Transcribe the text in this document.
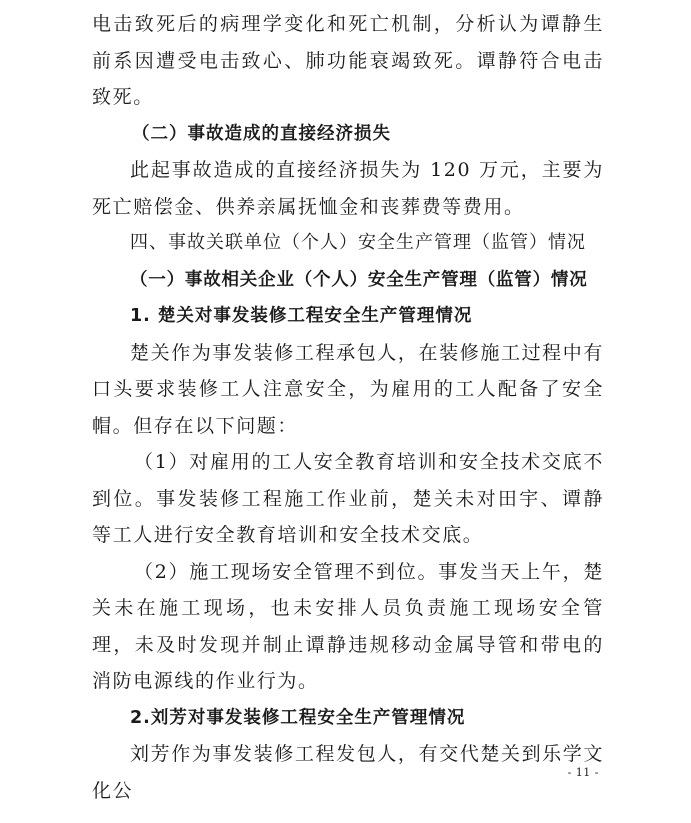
电击致死后的病理学变化和死亡机制，分析认为谭静生前系因遭受电击致心、肺功能衰竭致死。谭静符合电击致死。

（二）事故造成的直接经济损失

此起事故造成的直接经济损失为 120 万元，主要为死亡赔偿金、供养亲属抚恤金和丧葬费等费用。

四、事故关联单位（个人）安全生产管理（监管）情况

（一）事故相关企业（个人）安全生产管理（监管）情况

1. 楚关对事发装修工程安全生产管理情况

楚关作为事发装修工程承包人，在装修施工过程中有口头要求装修工人注意安全，为雇用的工人配备了安全帽。但存在以下问题：

（1）对雇用的工人安全教育培训和安全技术交底不到位。事发装修工程施工作业前，楚关未对田宇、谭静等工人进行安全教育培训和安全技术交底。

（2）施工现场安全管理不到位。事发当天上午，楚关未在施工现场，也未安排人员负责施工现场安全管理，未及时发现并制止谭静违规移动金属导管和带电的消防电源线的作业行为。

2.刘芳对事发装修工程安全生产管理情况

刘芳作为事发装修工程发包人，有交代楚关到乐学文化公

- 11 -
